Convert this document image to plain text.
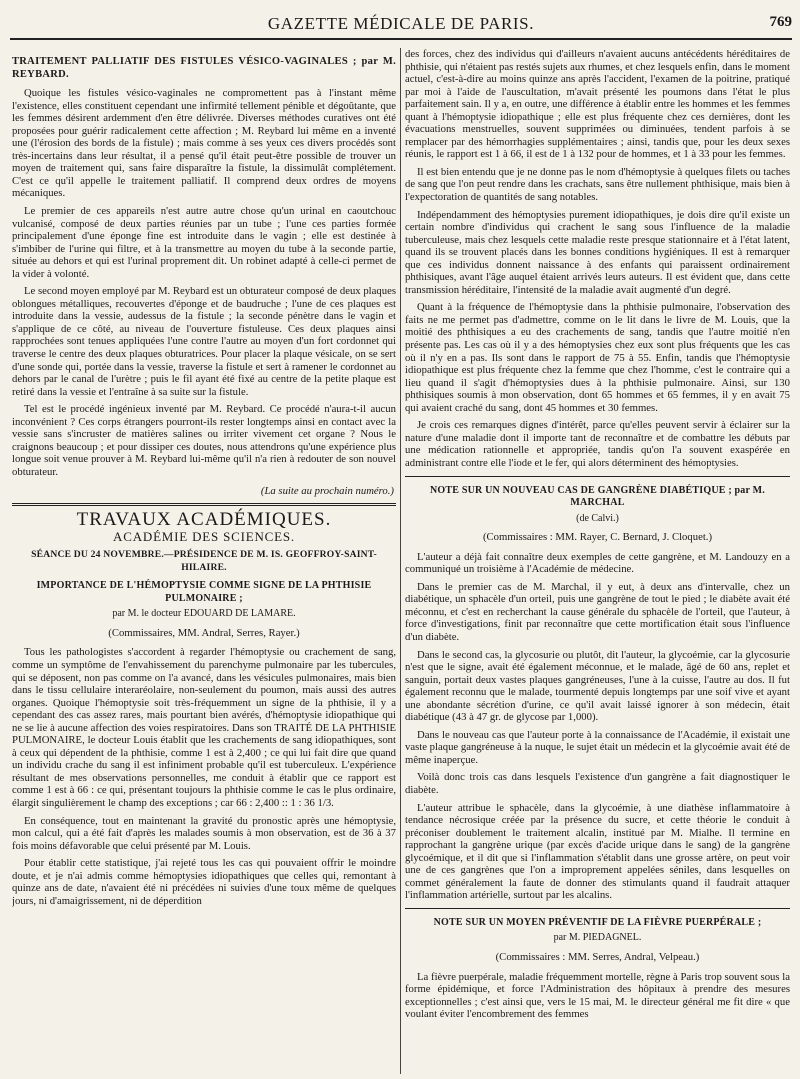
GAZETTE MÉDICALE DE PARIS.	769
TRAITEMENT PALLIATIF DES FISTULES VÉSICO-VAGINALES ; par M. REYBARD.

Quoique les fistules vésico-vaginales ne compromettent pas à l'instant même l'existence, elles constituent cependant une infirmité tellement pénible et dégoûtante, que les femmes désirent ardemment d'en être délivrée. Diverses méthodes curatives ont été proposées pour guérir radicalement cette affection ; M. Reybard lui même en a inventé une (l'érosion des bords de la fistule) ; mais comme à ses yeux ces divers procédés sont très-incertains dans leur résultat, il a pensé qu'il était peut-être possible de trouver un moyen de traitement qui, sans faire disparaître la fistule, la dissimulât complétement. C'est ce qu'il appelle le traitement palliatif. Il comprend deux ordres de moyens mécaniques.

Le premier de ces appareils n'est autre autre chose qu'un urinal en caoutchouc vulcanisé, composé de deux parties réunies par un tube ; l'une ces parties formée principalement d'une éponge fine est introduite dans le vagin ; elle est destinée à s'imbiber de l'urine qui filtre, et à la transmettre au moyen du tube à la seconde partie, située au dehors et qui est l'urinal proprement dit. Un robinet adapté à celle-ci permet de la vider à volonté.

Le second moyen employé par M. Reybard est un obturateur composé de deux plaques oblongues métalliques, recouvertes d'éponge et de baudruche ; l'une de ces plaques est introduite dans la vessie, audessus de la fistule ; la seconde pénètre dans le vagin et s'applique de ce côté, au niveau de l'ouverture fistuleuse. Ces deux plaques ainsi rapprochées sont tenues appliquées l'une contre l'autre au moyen d'un fort cordonnet qui traverse le centre des deux plaques obturatrices. Pour placer la plaque vésicale, on se sert d'une sonde qui, portée dans la vessie, traverse la fistule et sert à ramener le cordonnet au dehors par le canal de l'urètre ; puis le fil ayant été fixé au centre de la petite plaque est retiré dans la vessie et l'entraîne à sa suite sur la fistule.

Tel est le procédé ingénieux inventé par M. Reybard. Ce procédé n'aura-t-il aucun inconvénient ? Ces corps étrangers pourront-ils rester longtemps ainsi en contact avec la vessie sans s'incruster de matières salines ou irriter vivement cet organe ? Nous le craignons beaucoup ; et pour dissiper ces doutes, nous attendrons qu'une expérience plus longue soit venue prouver à M. Reybard lui-même qu'il n'a rien à redouter de son nouvel obturateur.

(La suite au prochain numéro.)

TRAVAUX ACADÉMIQUES.
ACADÉMIE DES SCIENCES.
SÉANCE DU 24 NOVEMBRE.—PRÉSIDENCE DE M. IS. GEOFFROY-SAINT-HILAIRE.
IMPORTANCE DE L'HÉMOPTYSIE COMME SIGNE DE LA PHTHISIE PULMONAIRE ;
par M. le docteur EDOUARD DE LAMARE.
(Commissaires, MM. Andral, Serres, Rayer.)

Tous les pathologistes s'accordent à regarder l'hémoptysie ou crachement de sang, comme un symptôme de l'envahissement du parenchyme pulmonaire par les tubercules, qui se déposent, non pas comme on l'a avancé, dans les vésicules pulmonaires, mais bien dans le tissu cellulaire interaréolaire, non-seulement du poumon, mais aussi des autres organes. Quoique l'hémoptysie soit très-fréquemment un signe de la phthisie, il y a cependant des cas assez rares, mais pourtant bien avérés, d'hémoptysie idiopathique qui ne se lie à aucune affection des voies respiratoires. Dans son TRAITÉ DE LA PHTHISIE PULMONAIRE, le docteur Louis établit que les crachements de sang idiopathiques, sont à ceux qui dépendent de la phthisie, comme 1 est à 2,400 ; ce qui lui fait dire que quand un individu crache du sang il est infiniment probable qu'il est tuberculeux. L'expérience résultant de mes observations personnelles, me conduit à établir que ce rapport est comme 1 est à 66 : ce qui, présentant toujours la phthisie comme le cas le plus ordinaire, élargit singulièrement le champ des exceptions ; car 66 : 2,400 :: 1 : 36 1/3.

En conséquence, tout en maintenant la gravité du pronostic après une hémoptysie, mon calcul, qui a été fait d'après les malades soumis à mon observation, est de 36 à 37 fois moins défavorable que celui présenté par M. Louis.

Pour établir cette statistique, j'ai rejeté tous les cas qui pouvaient offrir le moindre doute, et je n'ai admis comme hémoptysies idiopathiques que celles qui, remontant à quinze ans de date, n'avaient été ni précédées ni suivies d'une toux même de quelques jours, ni d'amaigrissement, ni de déperdition

des forces, chez des individus qui d'ailleurs n'avaient aucuns antécédents héréditaires de phthisie, qui n'étaient pas restés sujets aux rhumes, et chez lesquels enfin, dans le moment actuel, c'est-à-dire au moins quinze ans après l'accident, l'examen de la poitrine, pratiqué par moi à l'aide de l'auscultation, m'avait présenté les poumons dans l'état le plus parfaitement sain. Il y a, en outre, une différence à établir entre les hommes et les femmes quant à l'hémoptysie idiopathique ; elle est plus fréquente chez ces dernières, dont les évacuations menstruelles, souvent supprimées ou diminuées, tendent parfois à se remplacer par des hémorrhagies supplémentaires ; ainsi, tandis que, pour les deux sexes réunis, le rapport est 1 à 66, il est de 1 à 132 pour de hommes, et 1 à 33 pour les femmes.

Il est bien entendu que je ne donne pas le nom d'hémoptysie à quelques filets ou taches de sang que l'on peut rendre dans les crachats, sans être nullement phthisique, mais bien à l'expectoration de quantités de sang notables.

Indépendamment des hémoptysies purement idiopathiques, je dois dire qu'il existe un certain nombre d'individus qui crachent le sang sous l'influence de la maladie tuberculeuse, mais chez lesquels cette maladie reste presque stationnaire et à l'état latent, quand ils se trouvent placés dans les bonnes conditions hygiéniques. Il est à remarquer que ces individus donnent naissance à des enfants qui paraissent ordinairement phthisiques, avant l'âge auquel étaient arrivés leurs auteurs. Il est évident que, dans cette transmission héréditaire, l'intensité de la maladie avait augmenté d'un degré.

Quant à la fréquence de l'hémoptysie dans la phthisie pulmonaire, l'observation des faits ne me permet pas d'admettre, comme on le lit dans le livre de M. Louis, que la moitié des phthisiques a eu des crachements de sang, tandis que l'autre moitié n'en présente pas. Les cas où il y a des hémoptysies chez eux sont plus fréquents que les cas où il n'y en a pas. Ils sont dans le rapport de 75 à 55. Enfin, tandis que l'hémoptysie idiopathique est plus fréquente chez la femme que chez l'homme, c'est le contraire qui a lieu quand il s'agit d'hémoptysies dues à la phthisie pulmonaire. Ainsi, sur 130 phthisiques soumis à mon observation, dont 65 hommes et 65 femmes, il y en avait 75 qui avaient craché du sang, dont 45 hommes et 30 femmes.

Je crois ces remarques dignes d'intérêt, parce qu'elles peuvent servir à éclairer sur la nature d'une maladie dont il importe tant de reconnaître et de combattre les débuts par une médication rationnelle et appropriée, tandis qu'on l'a souvent exaspérée en administrant contre elle l'iode et le fer, qui alors déterminent des hémoptysies.

NOTE SUR UN NOUVEAU CAS DE GANGRÈNE DIABÉTIQUE ; par M. MARCHAL
(de Calvi.)
(Commissaires : MM. Rayer, C. Bernard, J. Cloquet.)

L'auteur a déjà fait connaître deux exemples de cette gangrène, et M. Landouzy en a communiqué un troisième à l'Académie de médecine.

Dans le premier cas de M. Marchal, il y eut, à deux ans d'intervalle, chez un diabétique, un sphacèle d'un orteil, puis une gangrène de tout le pied ; le diabète avait été méconnu, et c'est en recherchant la cause générale du sphacèle de l'orteil, que l'auteur, à force d'investigations, finit par reconnaître que cette mortification était sous l'influence d'un diabète.

Dans le second cas, la glycosurie ou plutôt, dit l'auteur, la glycoémie, car la glycosurie n'est que le signe, avait été également méconnue, et le malade, âgé de 60 ans, replet et sanguin, portait deux vastes plaques gangréneuses, l'une à la cuisse, l'autre au dos. Il fut également reconnu que le malade, tourmenté depuis longtemps par une soif vive et ayant une abondante sécrétion d'urine, ce qu'il avait laissé ignorer à son médecin, était diabétique (43 à 47 gr. de glycose par 1,000).

Dans le nouveau cas que l'auteur porte à la connaissance de l'Académie, il existait une vaste plaque gangréneuse à la nuque, le sujet était un médecin et la glycoémie avait été de même inaperçue.

Voilà donc trois cas dans lesquels l'existence d'un gangrène a fait diagnostiquer le diabète.

L'auteur attribue le sphacèle, dans la glycoémie, à une diathèse inflammatoire à tendance nécrosique créée par la présence du sucre, et cette théorie le conduit à préconiser doublement le traitement alcalin, institué par M. Mialhe. Il termine en rapprochant la gangrène urique (par excès d'acide urique dans le sang) de la gangrène glycoémique, et il dit que si l'inflammation s'établit dans une grosse artère, on peut voir une de ces gangrènes que l'on a improprement appelées séniles, dans lesquelles on commet généralement la faute de donner des stimulants quand il faudrait attaquer l'inflammation artérielle, surtout par les alcalins.

NOTE SUR UN MOYEN PRÉVENTIF DE LA FIÈVRE PUERPÉRALE ;
par M. PIEDAGNEL.
(Commissaires : MM. Serres, Andral, Velpeau.)

La fièvre puerpérale, maladie fréquemment mortelle, règne à Paris trop souvent sous la forme épidémique, et force l'Administration des hôpitaux à prendre des mesures exceptionnelles ; c'est ainsi que, vers le 15 mai, M. le directeur général me fit dire « que voulant éviter l'encombrement des femmes
